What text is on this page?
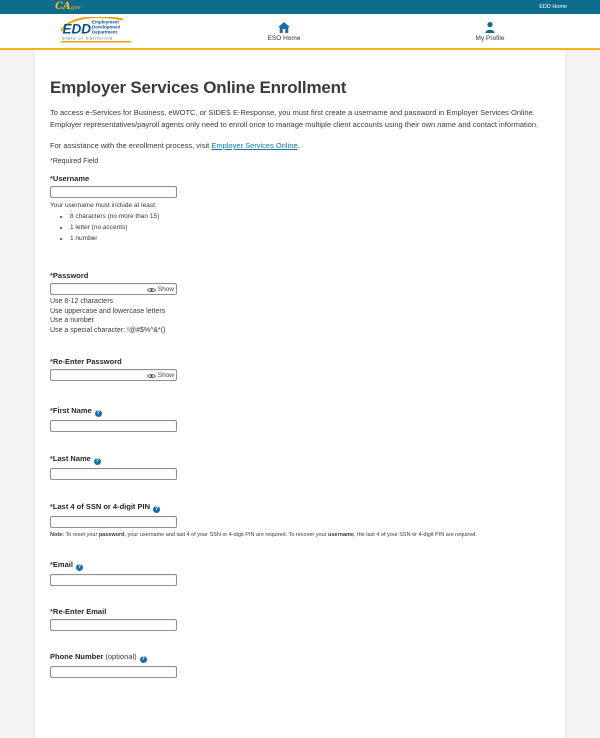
CAgov	EDD Home
EDD Employment
Development
Department
State of California	ESO Home	My Profile
Employer Services Online Enrollment

To access e-Services for Business, eWOTC, or SIDES E-Response, you must first create a username and password in Employer Services Online. Employer representatives/payroll agents only need to enroll once to manage multiple client accounts using their own name and contact information.

For assistance with the enrollment process, visit Employer Services Online.

*Required Field

*Username

Your username must include at least:

• 8 characters (no more than 15)
• 1 letter (no accents)
• 1 number
*Password
Show
Use 8-12 characters
Use uppercase and lowercase letters
Use a number
Use a special character: !@#$%^&*()
*Re-Enter Password
Show
*First Name ?
*Last Name ?
*Last 4 of SSN or 4-digit PIN ?

Note: To reset your password, your username and last 4 of your SSN or 4-digit PIN are required. To recover your username, the last 4 of your SSN or 4-digit PIN are required.

*Email ?
*Re-Enter Email
Phone Number (optional) ?
